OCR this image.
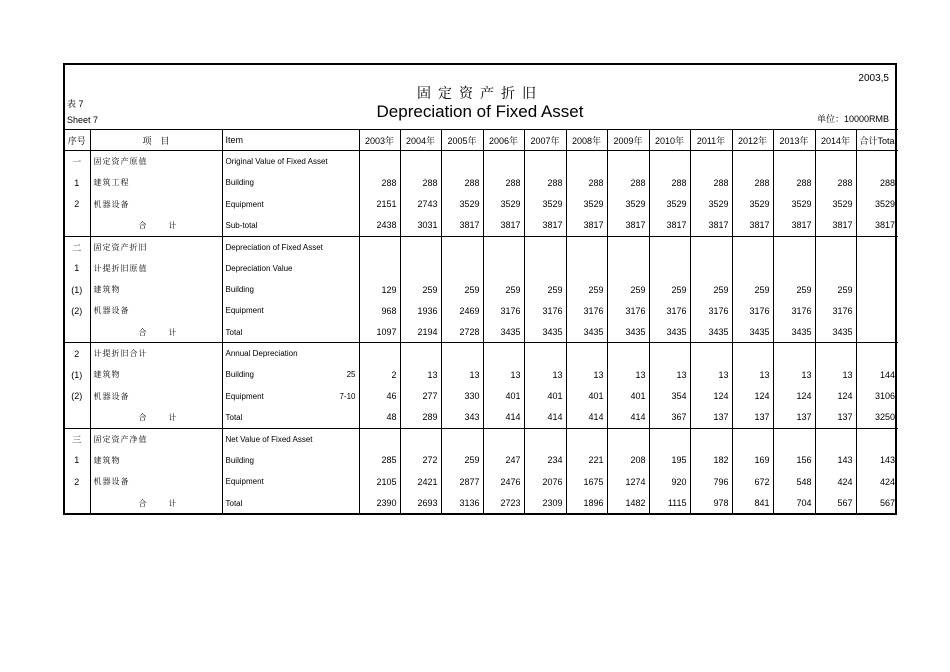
2003,5
固定资产折旧
Depreciation of Fixed Asset
表 7
Sheet 7	单位：10000RMB
序号	项　目	Item	2003年	2004年	2005年	2006年	2007年	2008年	2009年	2010年	2011年	2012年	2013年	2014年	合计Total
一	固定资产原值	Original Value of Fixed Asset													
1	建筑工程	Building	288	288	288	288	288	288	288	288	288	288	288	288	288
2	机器设备	Equipment	2151	2743	3529	3529	3529	3529	3529	3529	3529	3529	3529	3529	3529
	合计	Sub-total	2438	3031	3817	3817	3817	3817	3817	3817	3817	3817	3817	3817	3817
二	固定资产折旧	Depreciation of Fixed Asset													
1	计提折旧原值	Depreciation Value													
(1)	建筑物	Building	129	259	259	259	259	259	259	259	259	259	259	259	
(2)	机器设备	Equipment	968	1936	2469	3176	3176	3176	3176	3176	3176	3176	3176	3176	
	合计	Total	1097	2194	2728	3435	3435	3435	3435	3435	3435	3435	3435	3435	
2	计提折旧合计	Annual Depreciation													
(1)	建筑物	Building 25	2	13	13	13	13	13	13	13	13	13	13	13	144
(2)	机器设备	Equipment 7-10	46	277	330	401	401	401	401	354	124	124	124	124	3106
	合计	Total	48	289	343	414	414	414	414	367	137	137	137	137	3250
三	固定资产净值	Net Value of Fixed Asset													
1	建筑物	Building	285	272	259	247	234	221	208	195	182	169	156	143	143
2	机器设备	Equipment	2105	2421	2877	2476	2076	1675	1274	920	796	672	548	424	424
	合计	Total	2390	2693	3136	2723	2309	1896	1482	1115	978	841	704	567	567
